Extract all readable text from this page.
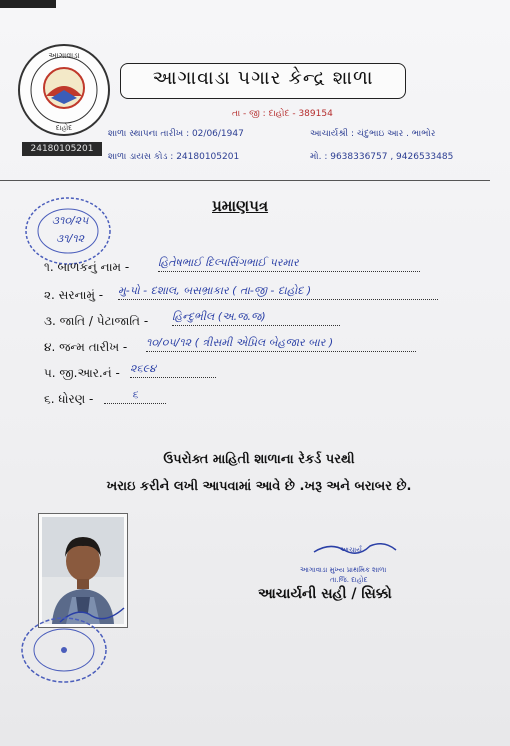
આગાવાડા
દાહોદ
24180105201
આગાવાડા પગાર કેન્દ્ર શાળા
તા - જી : દાહોદ - 389154
શાળા સ્થાપના તારીખ : 02/06/1947
શાળા ડાયસ કોડ : 24180105201
આચાર્યશ્રી : ચંદુભાઇ આર . ભાભોર
મો. : 9638336757 , 9426533485
૩૧૦/૨૫
૩૧/૧૨
પ્રમાણપત્ર
૧. બાળકનું નામ -	હિતેષભાઈ દિલ્પસિંગભાઈ પરમાર
૨. સરનામું - મુ-પો - દશાલ, બસભ્રાકાર ( તા-જી - દાહોદ )
૩. જાતિ / પેટાજાતિ - હિન્દુભીલ (અ.જ.જ)
૪. જન્મ તારીખ - ૧૦/૦૫/૧૨ ( ત્રીસમી એપ્રિલ બેહજાર બાર )
પ. જી.આર.નં - ૨૬૯૪
૬. ધોરણ -	૬
ઉપરોક્ત માહિતી શાળાના રેકર્ડ પરથી
ખરાઇ કરીને લખી આપવામાં આવે છે .ખરૂ અને બરાબર છે.
આચાર્ય
આગાવાડા મુખ્ય પ્રાથમિક શાળા
તા.જિ. દાહોદ
આચાર્યની સહી / સિક્કો
